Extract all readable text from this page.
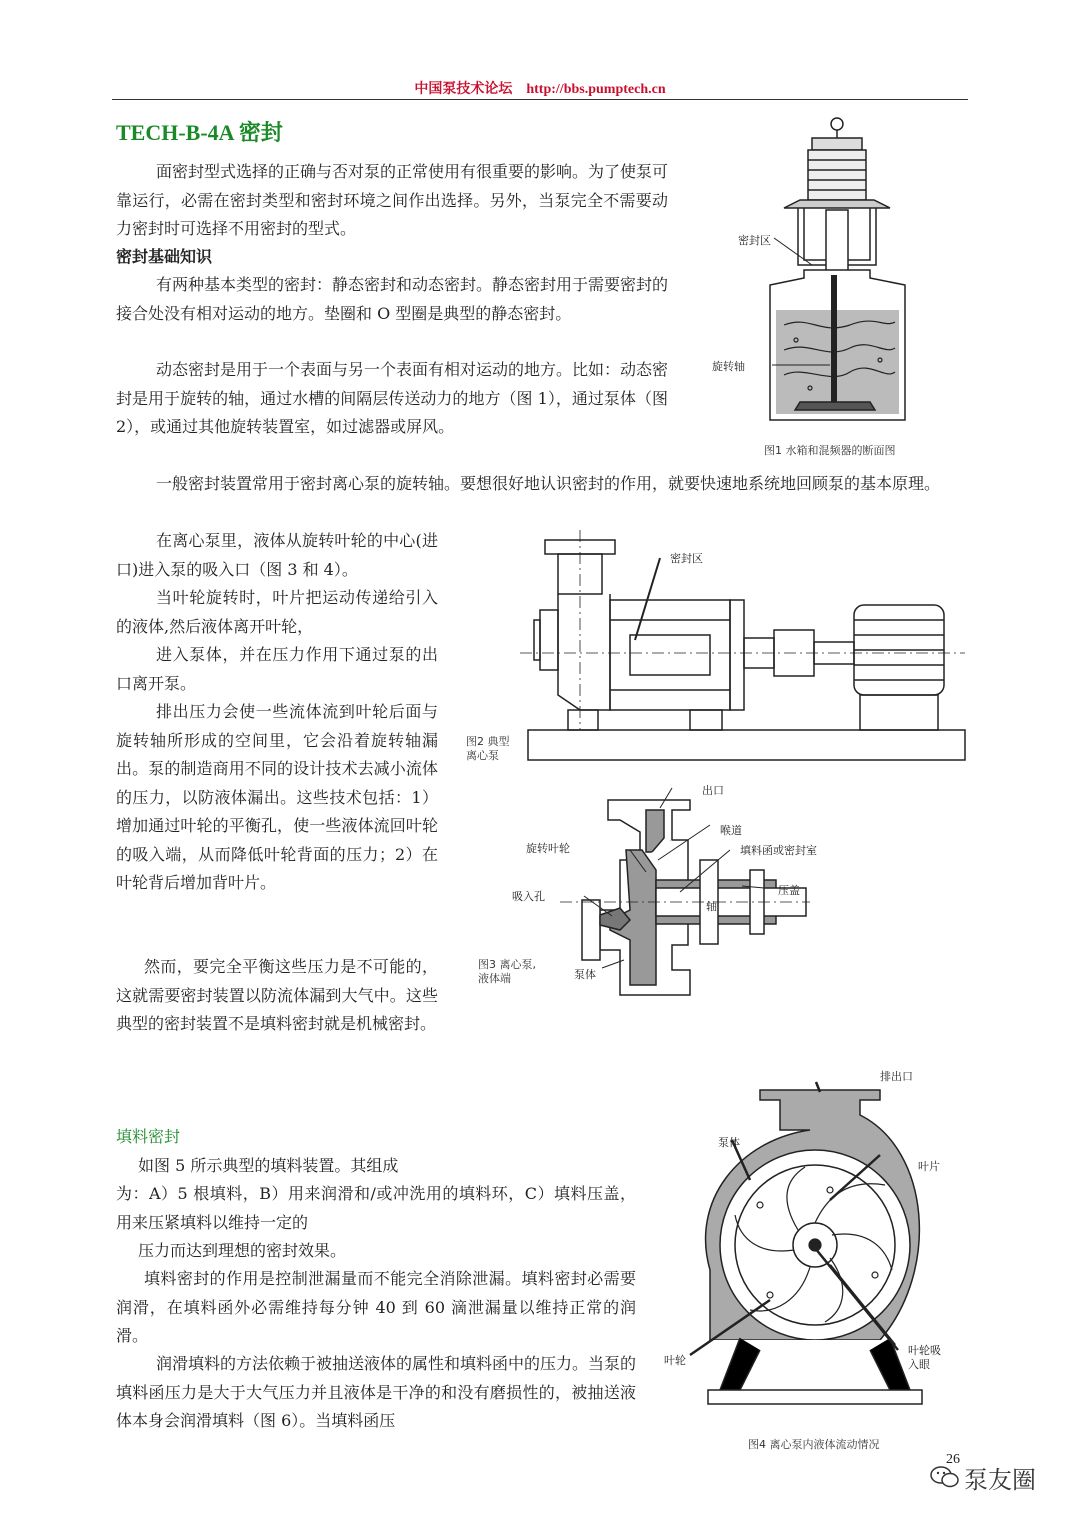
中国泵技术论坛 http://bbs.pumptech.cn
TECH-B-4A 密封

面密封型式选择的正确与否对泵的正常使用有很重要的影响。为了使泵可靠运行，必需在密封类型和密封环境之间作出选择。另外，当泵完全不需要动力密封时可选择不用密封的型式。

密封基础知识

有两种基本类型的密封：静态密封和动态密封。静态密封用于需要密封的接合处没有相对运动的地方。垫圈和 O 型圈是典型的静态密封。

动态密封是用于一个表面与另一个表面有相对运动的地方。比如：动态密封是用于旋转的轴，通过水槽的间隔层传送动力的地方（图 1），通过泵体（图 2），或通过其他旋转装置室，如过滤器或屏风。

一般密封装置常用于密封离心泵的旋转轴。要想很好地认识密封的作用，就要快速地系统地回顾泵的基本原理。

在离心泵里，液体从旋转叶轮的中心(进口)进入泵的吸入口（图 3 和 4）。

当叶轮旋转时，叶片把运动传递给引入的液体,然后液体离开叶轮，

进入泵体，并在压力作用下通过泵的出口离开泵。

排出压力会使一些流体流到叶轮后面与旋转轴所形成的空间里，它会沿着旋转轴漏出。泵的制造商用不同的设计技术去减小流体的压力，以防液体漏出。这些技术包括：1）增加通过叶轮的平衡孔，使一些液体流回叶轮的吸入端，从而降低叶轮背面的压力；2）在叶轮背后增加背叶片。

然而，要完全平衡这些压力是不可能的，这就需要密封装置以防流体漏到大气中。这些典型的密封装置不是填料密封就是机械密封。

填料密封
如图 5 所示典型的填料装置。其组成

为：A）5 根填料，B）用来润滑和/或冲洗用的填料环，C）填料压盖，用来压紧填料以维持一定的

压力而达到理想的密封效果。

填料密封的作用是控制泄漏量而不能完全消除泄漏。填料密封必需要润滑，在填料函外必需维持每分钟 40 到 60 滴泄漏量以维持正常的润滑。

润滑填料的方法依赖于被抽送液体的属性和填料函中的压力。当泵的填料函压力是大于大气压力并且液体是干净的和没有磨损性的，被抽送液体本身会润滑填料（图 6）。当填料函压

密封区
旋转轴
图1 水箱和混频器的断面图
密封区
图2 典型
离心泵
出口
喉道
旋转叶轮	填料函或密封室
吸入孔	压盖
轴
泵体
图3 离心泵,
液体端
排出口
泵体
叶片
叶轮
叶轮吸
入眼
图4 离心泵内液体流动情况
26
泵友圈
